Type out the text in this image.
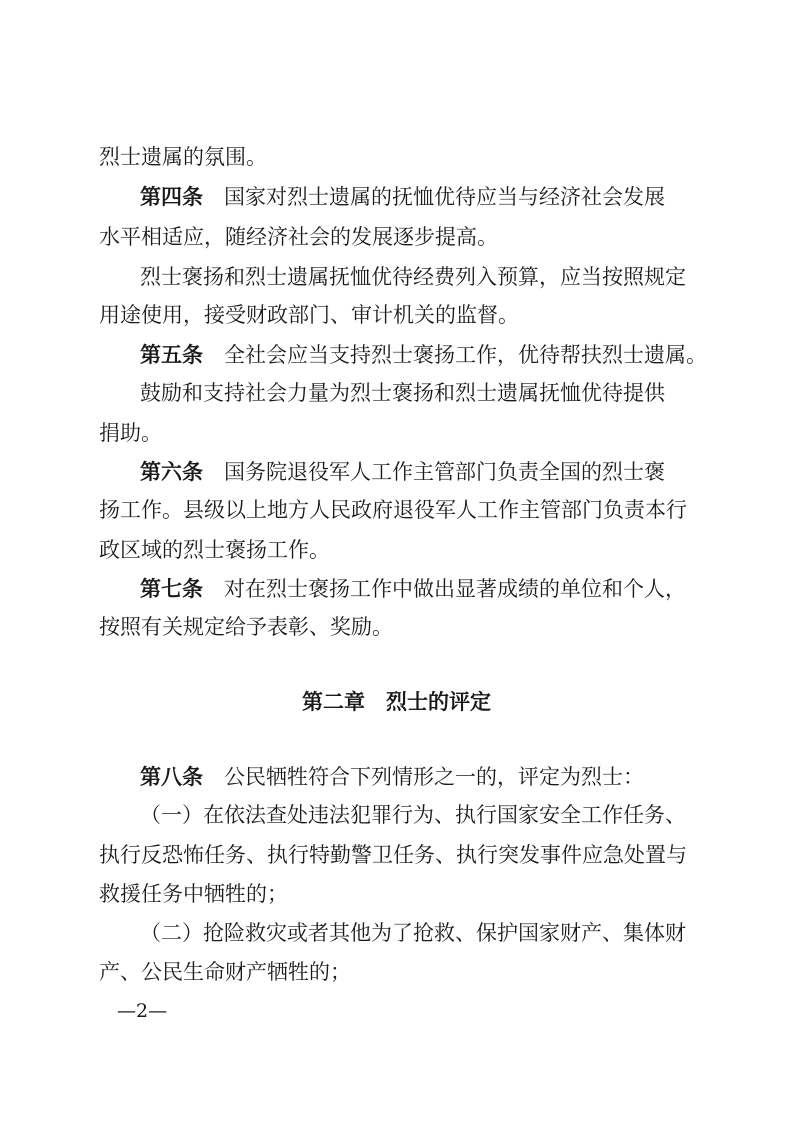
烈士遗属的氛围。
第四条　国家对烈士遗属的抚恤优待应当与经济社会发展
水平相适应，随经济社会的发展逐步提高。
烈士褒扬和烈士遗属抚恤优待经费列入预算，应当按照规定
用途使用，接受财政部门、审计机关的监督。
第五条　全社会应当支持烈士褒扬工作，优待帮扶烈士遗属。
鼓励和支持社会力量为烈士褒扬和烈士遗属抚恤优待提供
捐助。
第六条　国务院退役军人工作主管部门负责全国的烈士褒
扬工作。县级以上地方人民政府退役军人工作主管部门负责本行
政区域的烈士褒扬工作。
第七条　对在烈士褒扬工作中做出显著成绩的单位和个人，
按照有关规定给予表彰、奖励。
第二章　烈士的评定
第八条　公民牺牲符合下列情形之一的，评定为烈士：
（一）在依法查处违法犯罪行为、执行国家安全工作任务、
执行反恐怖任务、执行特勤警卫任务、执行突发事件应急处置与
救援任务中牺牲的；
（二）抢险救灾或者其他为了抢救、保护国家财产、集体财
产、公民生命财产牺牲的；
—2—
